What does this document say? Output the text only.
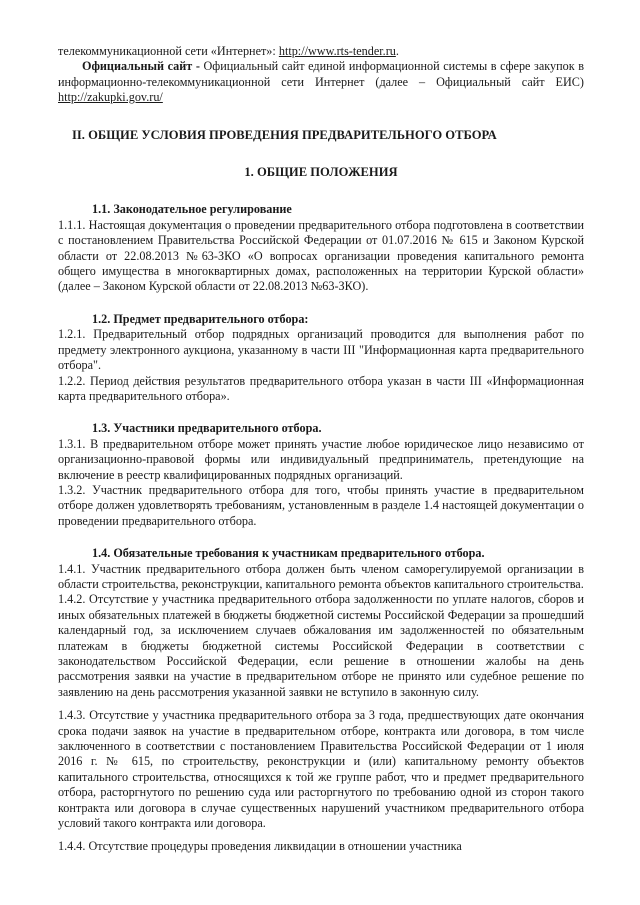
телекоммуникационной сети «Интернет»: http://www.rts-tender.ru.

Официальный сайт - Официальный сайт единой информационной системы в сфере закупок в информационно-телекоммуникационной сети Интернет (далее – Официальный сайт ЕИС) http://zakupki.gov.ru/

II. ОБЩИЕ УСЛОВИЯ ПРОВЕДЕНИЯ ПРЕДВАРИТЕЛЬНОГО ОТБОРА

1. ОБЩИЕ ПОЛОЖЕНИЯ

1.1. Законодательное регулирование

1.1.1. Настоящая документация о проведении предварительного отбора подготовлена в соответствии с постановлением Правительства Российской Федерации от 01.07.2016 № 615 и Законом Курской области от 22.08.2013 №63-ЗКО «О вопросах организации проведения капитального ремонта общего имущества в многоквартирных домах, расположенных на территории Курской области» (далее – Законом Курской области от 22.08.2013 №63-ЗКО).

1.2. Предмет предварительного отбора:

1.2.1. Предварительный отбор подрядных организаций проводится для выполнения работ по предмету электронного аукциона, указанному в части III "Информационная карта предварительного отбора".

1.2.2. Период действия результатов предварительного отбора указан в части III «Информационная карта предварительного отбора».

1.3. Участники предварительного отбора.

1.3.1. В предварительном отборе может принять участие любое юридическое лицо независимо от организационно-правовой формы или индивидуальный предприниматель, претендующие на включение в реестр квалифицированных подрядных организаций.

1.3.2. Участник предварительного отбора для того, чтобы принять участие в предварительном отборе должен удовлетворять требованиям, установленным в разделе 1.4 настоящей документации о проведении предварительного отбора.

1.4. Обязательные требования к участникам предварительного отбора.

1.4.1. Участник предварительного отбора должен быть членом саморегулируемой организации в области строительства, реконструкции, капитального ремонта объектов капитального строительства.

1.4.2. Отсутствие у участника предварительного отбора задолженности по уплате налогов, сборов и иных обязательных платежей в бюджеты бюджетной системы Российской Федерации за прошедший календарный год, за исключением случаев обжалования им задолженностей по обязательным платежам в бюджеты бюджетной системы Российской Федерации в соответствии с законодательством Российской Федерации, если решение в отношении жалобы на день рассмотрения заявки на участие в предварительном отборе не принято или судебное решение по заявлению на день рассмотрения указанной заявки не вступило в законную силу.

1.4.3. Отсутствие у участника предварительного отбора за 3 года, предшествующих дате окончания срока подачи заявок на участие в предварительном отборе, контракта или договора, в том числе заключенного в соответствии с постановлением Правительства Российской Федерации от 1 июля 2016 г. № 615, по строительству, реконструкции и (или) капитальному ремонту объектов капитального строительства, относящихся к той же группе работ, что и предмет предварительного отбора, расторгнутого по решению суда или расторгнутого по требованию одной из сторон такого контракта или договора в случае существенных нарушений участником предварительного отбора условий такого контракта или договора.

1.4.4. Отсутствие процедуры проведения ликвидации в отношении участника
